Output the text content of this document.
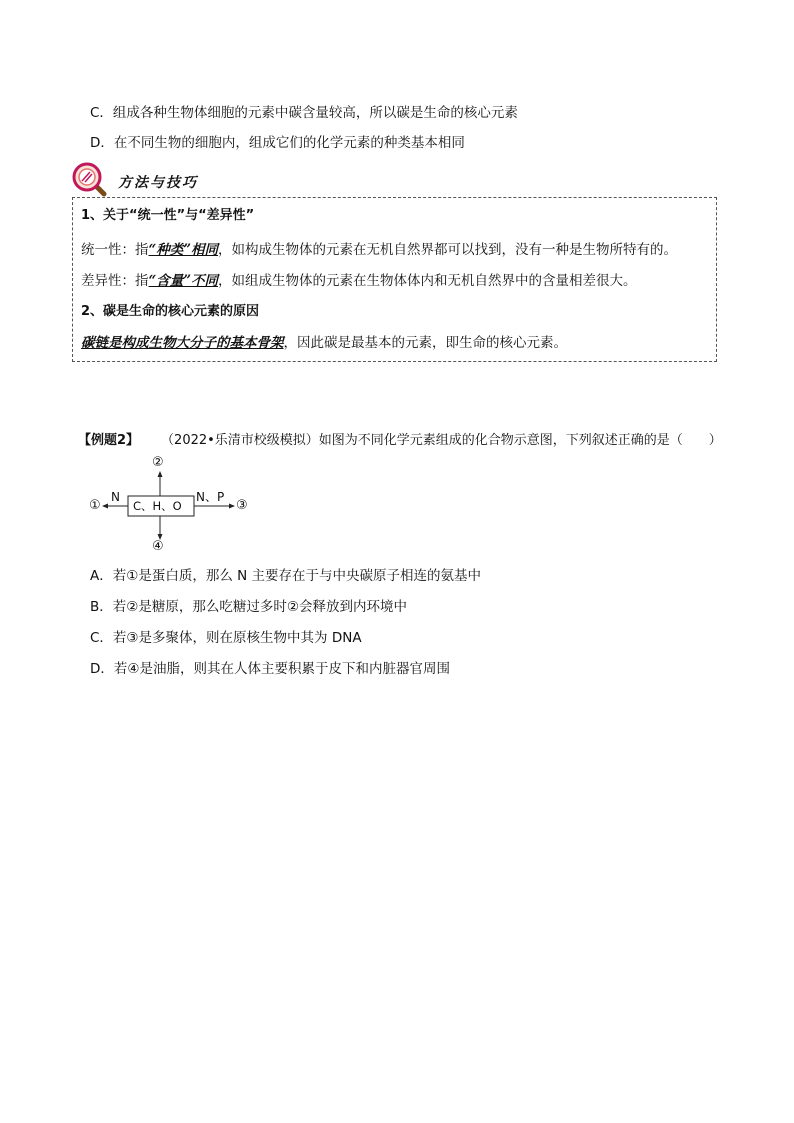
C．组成各种生物体细胞的元素中碳含量较高，所以碳是生命的核心元素
D．在不同生物的细胞内，组成它们的化学元素的种类基本相同
方法与技巧
1、关于“统一性”与“差异性”
统一性：指“种类”相同，如构成生物体的元素在无机自然界都可以找到，没有一种是生物所特有的。
差异性：指“含量”不同，如组成生物体的元素在生物体体内和无机自然界中的含量相差很大。
2、碳是生命的核心元素的原因
碳链是构成生物大分子的基本骨架，因此碳是最基本的元素，即生命的核心元素。
【例题2】 （2022•乐清市校级模拟）如图为不同化学元素组成的化合物示意图，下列叙述正确的是（　　）
C、H、O
N	N、P
②
①	③
④
A．若①是蛋白质，那么 N 主要存在于与中央碳原子相连的氨基中
B．若②是糖原，那么吃糖过多时②会释放到内环境中
C．若③是多聚体，则在原核生物中其为 DNA
D．若④是油脂，则其在人体主要积累于皮下和内脏器官周围
